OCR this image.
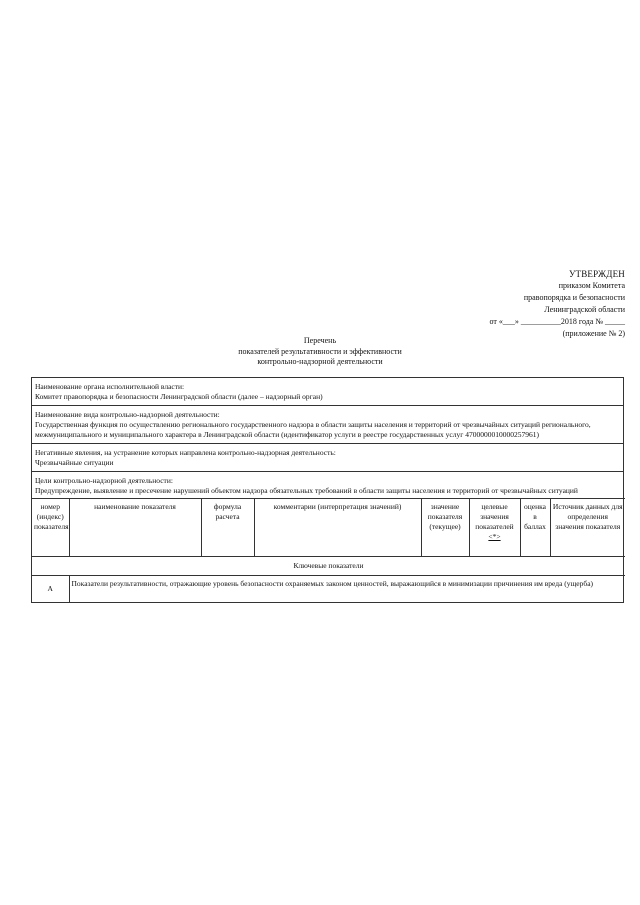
УТВЕРЖДЕН
приказом Комитета
правопорядка и безопасности
Ленинградской области
от «___» __________2018 года № _____
(приложение № 2)
Перечень
показателей результативности и эффективности
контрольно-надзорной деятельности
Наименование органа исполнительной власти:
Комитет правопорядка и безопасности Ленинградской области (далее – надзорный орган)
Наименование вида контрольно-надзорной деятельности:
Государственная функция по осуществлению регионального государственного надзора в области защиты населения и территорий от чрезвычайных ситуаций регионального, межмуниципального и муниципального характера в Ленинградской области (идентификатор услуги в реестре государственных услуг 4700000010000257961)
Негативные явления, на устранение которых направлена контрольно-надзорная деятельность:
Чрезвычайные ситуации
Цели контрольно-надзорной деятельности:
Предупреждение, выявление и пресечение нарушений объектом надзора обязательных требований в области защиты населения и территорий от чрезвычайных ситуаций
номер (индекс) показателя	наименование показателя	формула расчета	комментарии (интерпретация значений)	значение показателя (текущее)	целевые значения показателей <*>	оценка в баллах	Источник данных для определения значения показателя
Ключевые показатели							
А	Показатели результативности, отражающие уровень безопасности охраняемых законом ценностей, выражающийся в минимизации причинения им вреда (ущерба)						
